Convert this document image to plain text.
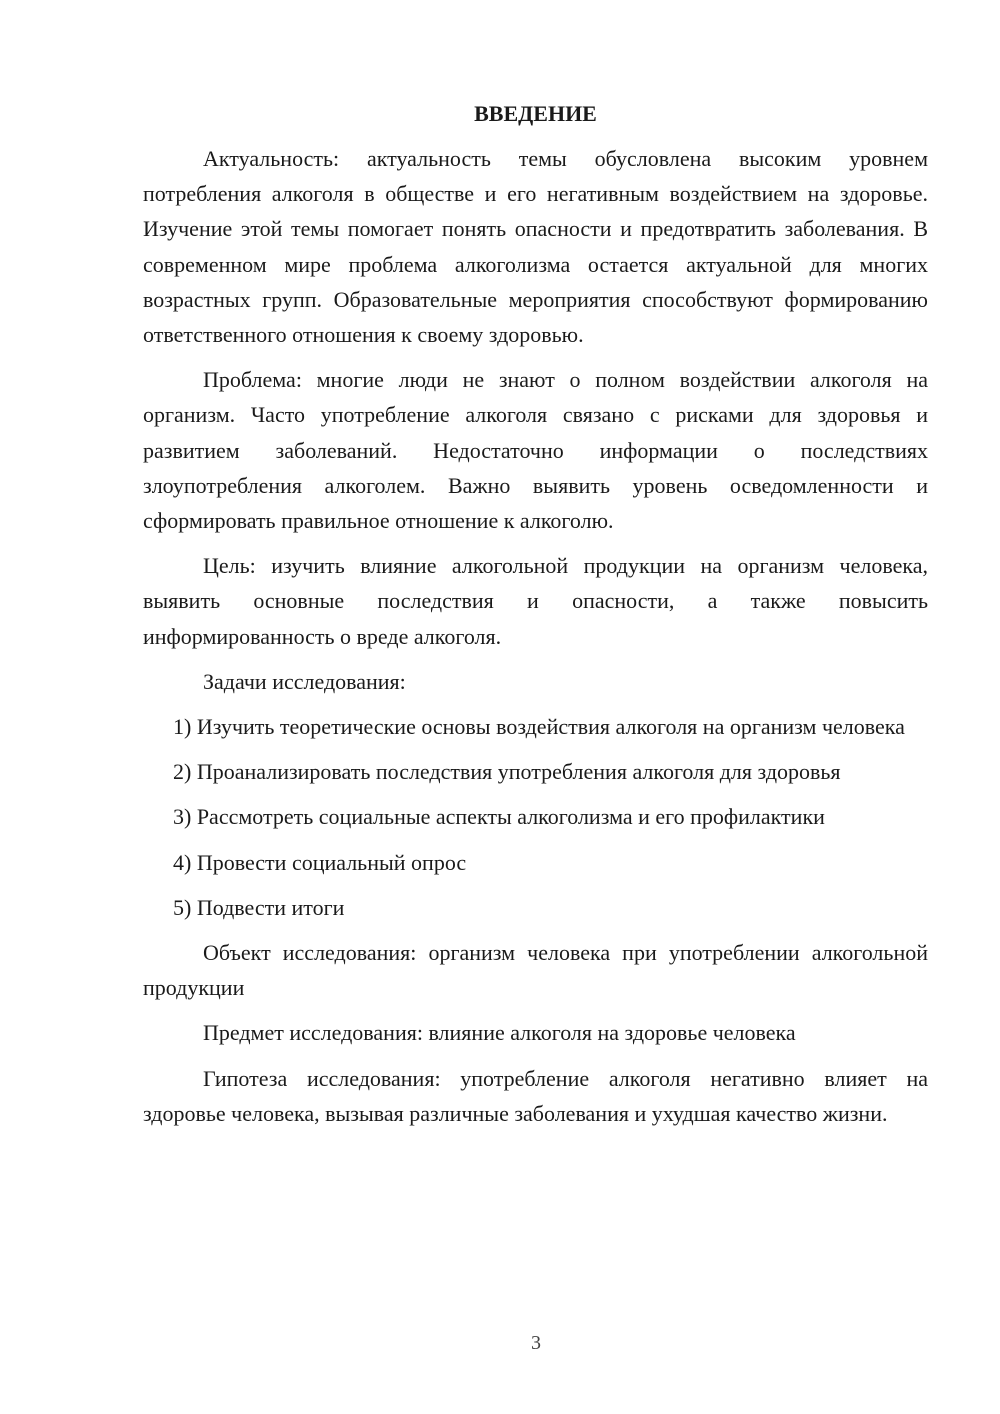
ВВЕДЕНИЕ

Актуальность: актуальность темы обусловлена высоким уровнем потребления алкоголя в обществе и его негативным воздействием на здоровье. Изучение этой темы помогает понять опасности и предотвратить заболевания. В современном мире проблема алкоголизма остается актуальной для многих возрастных групп. Образовательные мероприятия способствуют формированию ответственного отношения к своему здоровью.

Проблема: многие люди не знают о полном воздействии алкоголя на организм. Часто употребление алкоголя связано с рисками для здоровья и развитием заболеваний. Недостаточно информации о последствиях злоупотребления алкоголем. Важно выявить уровень осведомленности и сформировать правильное отношение к алкоголю.

Цель: изучить влияние алкогольной продукции на организм человека, выявить основные последствия и опасности, а также повысить информированность о вреде алкоголя.

Задачи исследования:

1) Изучить теоретические основы воздействия алкоголя на организм человека

2) Проанализировать последствия употребления алкоголя для здоровья

3) Рассмотреть социальные аспекты алкоголизма и его профилактики

4) Провести социальный опрос

5) Подвести итоги

Объект исследования: организм человека при употреблении алкогольной продукции

Предмет исследования: влияние алкоголя на здоровье человека

Гипотеза исследования: употребление алкоголя негативно влияет на здоровье человека, вызывая различные заболевания и ухудшая качество жизни.

3
